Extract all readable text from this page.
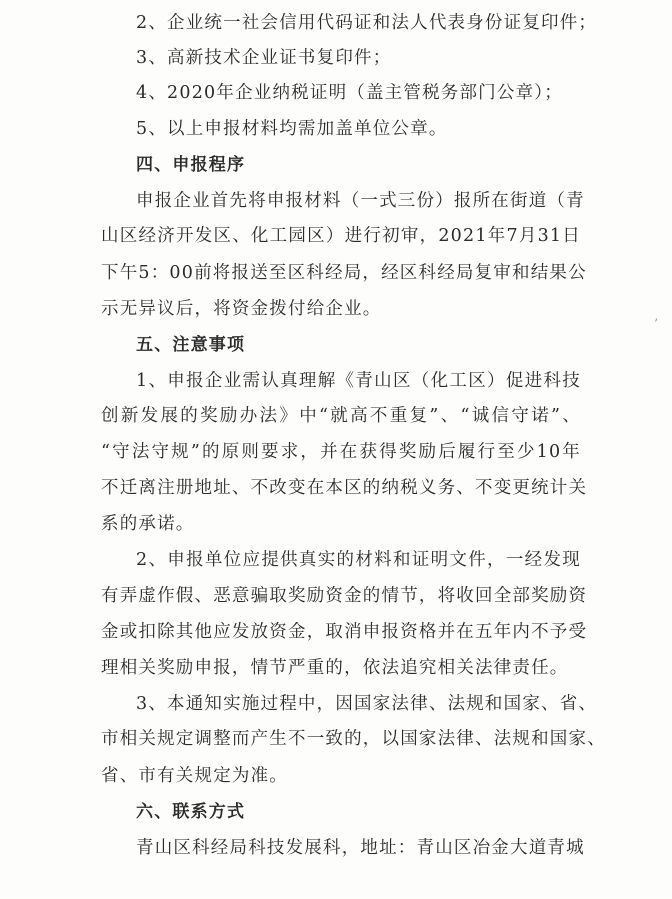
2、企业统一社会信用代码证和法人代表身份证复印件；
3、高新技术企业证书复印件；
4、2020年企业纳税证明（盖主管税务部门公章）；
5、以上申报材料均需加盖单位公章。
四、申报程序
申报企业首先将申报材料（一式三份）报所在街道（青
山区经济开发区、化工园区）进行初审，2021年7月31日
下午5：00前将报送至区科经局，经区科经局复审和结果公
示无异议后，将资金拨付给企业。
五、注意事项
1、申报企业需认真理解《青山区（化工区）促进科技
创新发展的奖励办法》中“就高不重复”、“诚信守诺”、
“守法守规”的原则要求，并在获得奖励后履行至少10年
不迁离注册地址、不改变在本区的纳税义务、不变更统计关
系的承诺。
2、申报单位应提供真实的材料和证明文件，一经发现
有弄虚作假、恶意骗取奖励资金的情节，将收回全部奖励资
金或扣除其他应发放资金，取消申报资格并在五年内不予受
理相关奖励申报，情节严重的，依法追究相关法律责任。
3、本通知实施过程中，因国家法律、法规和国家、省、
市相关规定调整而产生不一致的，以国家法律、法规和国家、
省、市有关规定为准。
六、联系方式
青山区科经局科技发展科，地址：青山区冶金大道青城
’
